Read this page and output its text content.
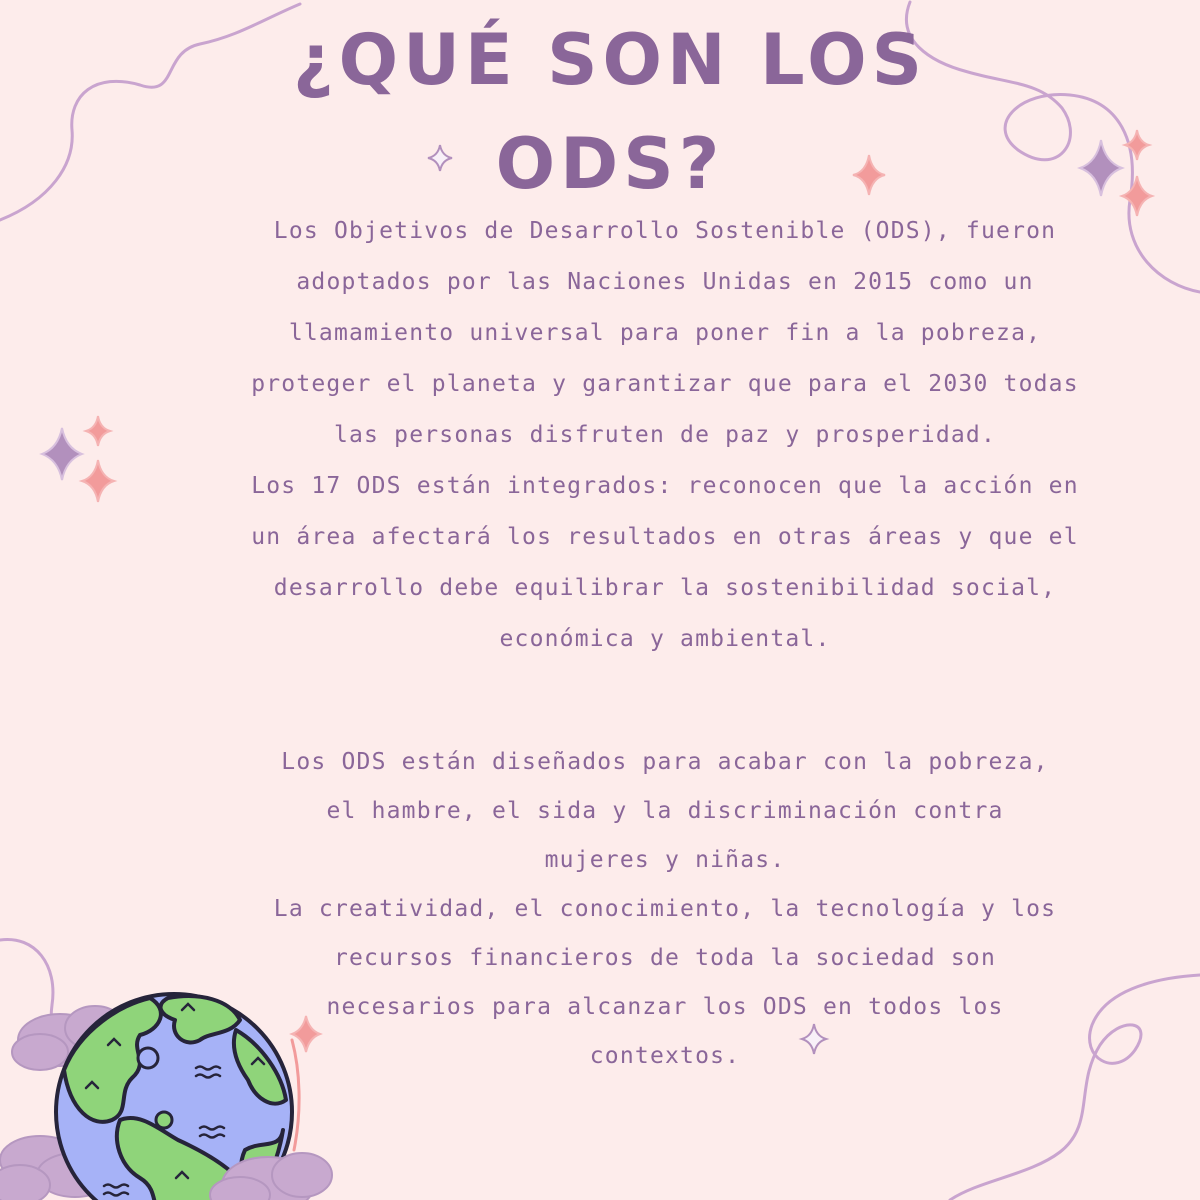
¿QUÉ SON LOS
ODS?

Los Objetivos de Desarrollo Sostenible (ODS), fueron

adoptados por las Naciones Unidas en 2015 como un

llamamiento universal para poner fin a la pobreza,

proteger el planeta y garantizar que para el 2030 todas

las personas disfruten de paz y prosperidad.

Los 17 ODS están integrados: reconocen que la acción en

un área afectará los resultados en otras áreas y que el

desarrollo debe equilibrar la sostenibilidad social,

económica y ambiental.

Los ODS están diseñados para acabar con la pobreza,

el hambre, el sida y la discriminación contra

mujeres y niñas.

La creatividad, el conocimiento, la tecnología y los

recursos financieros de toda la sociedad son

necesarios para alcanzar los ODS en todos los

contextos.
